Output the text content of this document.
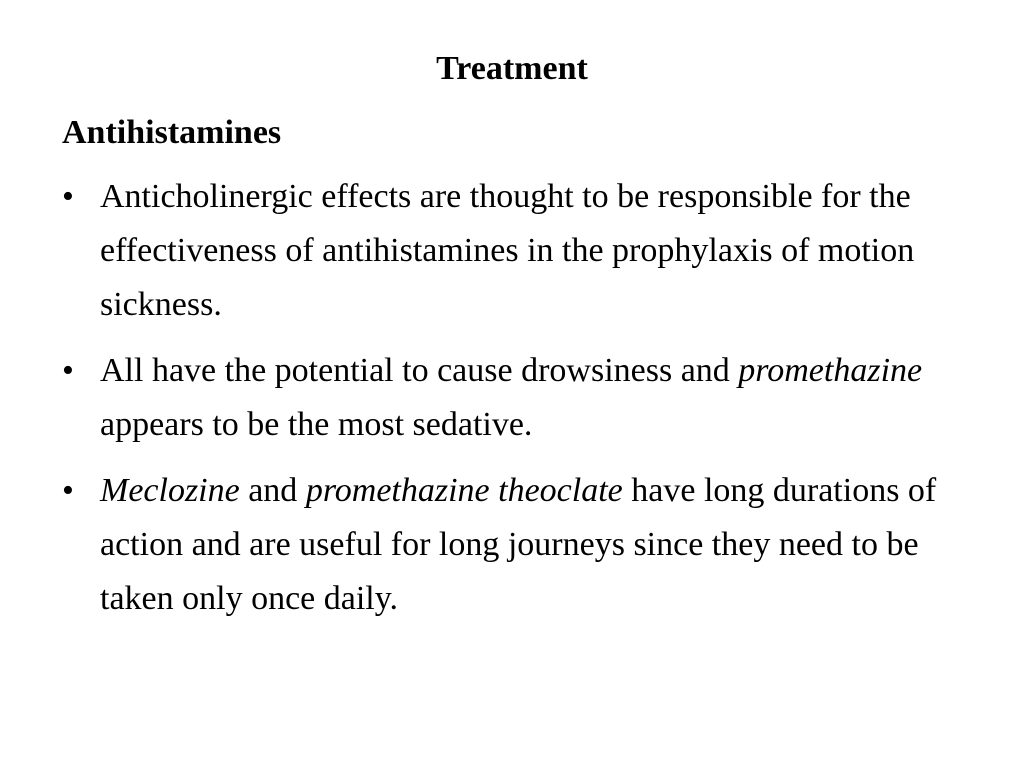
Treatment
Antihistamines
• Anticholinergic effects are thought to be responsible for the effectiveness of antihistamines in the prophylaxis of motion sickness.
• All have the potential to cause drowsiness and promethazine appears to be the most sedative.
• Meclozine and promethazine theoclate have long durations of action and are useful for long journeys since they need to be taken only once daily.
